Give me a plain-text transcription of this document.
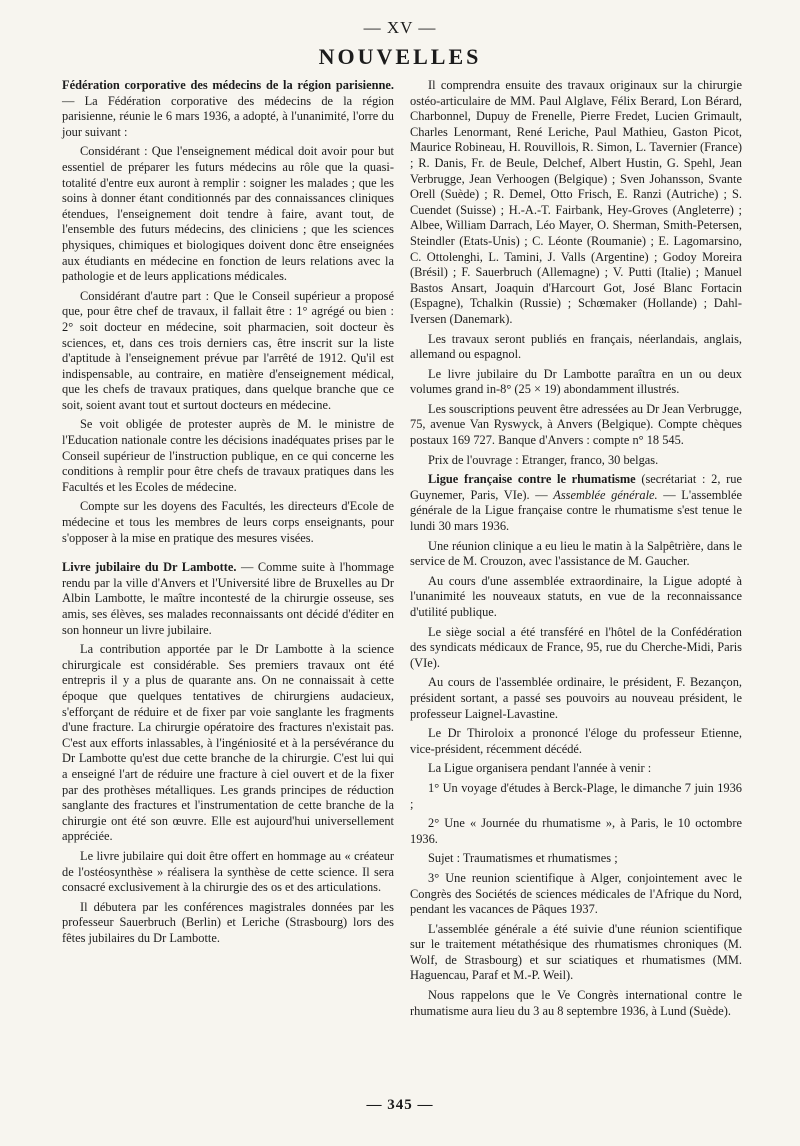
— XV —
NOUVELLES

Fédération corporative des médecins de la région parisienne. — La Fédération corporative des médecins de la région parisienne, réunie le 6 mars 1936, a adopté, à l'unanimité, l'orre du jour suivant :

Considérant : Que l'enseignement médical doit avoir pour but essentiel de préparer les futurs médecins au rôle que la quasi-totalité d'entre eux auront à remplir : soigner les malades ; que les soins à donner étant conditionnés par des connaissances cliniques étendues, l'enseignement doit tendre à faire, avant tout, de l'ensemble des futurs médecins, des cliniciens ; que les sciences physiques, chimiques et biologiques doivent donc être enseignées aux étudiants en médecine en fonction de leurs relations avec la pathologie et de leurs applications médicales.

Considérant d'autre part : Que le Conseil supérieur a proposé que, pour être chef de travaux, il fallait être : 1° agrégé ou bien : 2° soit docteur en médecine, soit pharmacien, soit docteur ès sciences, et, dans ces trois derniers cas, être inscrit sur la liste d'aptitude à l'enseignement prévue par l'arrêté de 1912. Qu'il est indispensable, au contraire, en matière d'enseignement médical, que les chefs de travaux pratiques, dans quelque branche que ce soit, soient avant tout et surtout docteurs en médecine.

Se voit obligée de protester auprès de M. le ministre de l'Education nationale contre les décisions inadéquates prises par le Conseil supérieur de l'instruction publique, en ce qui concerne les conditions à remplir pour être chefs de travaux pratiques dans les Facultés et les Ecoles de médecine.

Compte sur les doyens des Facultés, les directeurs d'Ecole de médecine et tous les membres de leurs corps enseignants, pour s'opposer à la mise en pratique des mesures visées.

Livre jubilaire du Dr Lambotte. — Comme suite à l'hommage rendu par la ville d'Anvers et l'Université libre de Bruxelles au Dr Albin Lambotte, le maître incontesté de la chirurgie osseuse, ses amis, ses élèves, ses malades reconnaissants ont décidé d'éditer en son honneur un livre jubilaire.

La contribution apportée par le Dr Lambotte à la science chirurgicale est considérable. Ses premiers travaux ont été entrepris il y a plus de quarante ans. On ne connaissait à cette époque que quelques tentatives de chirurgiens audacieux, s'efforçant de réduire et de fixer par voie sanglante les fragments d'une fracture. La chirurgie opératoire des fractures n'existait pas. C'est aux efforts inlassables, à l'ingéniosité et à la persévérance du Dr Lambotte qu'est due cette branche de la chirurgie. C'est lui qui a enseigné l'art de réduire une fracture à ciel ouvert et de la fixer par des prothèses métalliques. Les grands principes de réduction sanglante des fractures et l'instrumentation de cette branche de la chirurgie ont été son œuvre. Elle est aujourd'hui universellement appréciée.

Le livre jubilaire qui doit être offert en hommage au « créateur de l'ostéosynthèse » réalisera la synthèse de cette science. Il sera consacré exclusivement à la chirurgie des os et des articulations.

Il débutera par les conférences magistrales données par les professeur Sauerbruch (Berlin) et Leriche (Strasbourg) lors des fêtes jubilaires du Dr Lambotte.

Il comprendra ensuite des travaux originaux sur la chirurgie ostéo-articulaire de MM. Paul Alglave, Félix Berard, Lon Bérard, Charbonnel, Dupuy de Frenelle, Pierre Fredet, Lucien Grimault, Charles Lenormant, René Leriche, Paul Mathieu, Gaston Picot, Maurice Robineau, H. Rouvillois, R. Simon, L. Tavernier (France) ; R. Danis, Fr. de Beule, Delchef, Albert Hustin, G. Spehl, Jean Verbrugge, Jean Verhoogen (Belgique) ; Sven Johansson, Svante Orell (Suède) ; R. Demel, Otto Frisch, E. Ranzi (Autriche) ; S. Cuendet (Suisse) ; H.-A.-T. Fairbank, Hey-Groves (Angleterre) ; Albee, William Darrach, Léo Mayer, O. Sherman, Smith-Petersen, Steindler (Etats-Unis) ; C. Léonte (Roumanie) ; E. Lagomarsino, C. Ottolenghi, L. Tamini, J. Valls (Argentine) ; Godoy Moreira (Brésil) ; F. Sauerbruch (Allemagne) ; V. Putti (Italie) ; Manuel Bastos Ansart, Joaquin d'Harcourt Got, José Blanc Fortacin (Espagne), Tchalkin (Russie) ; Schœmaker (Hollande) ; Dahl-Iversen (Danemark).

Les travaux seront publiés en français, néerlandais, anglais, allemand ou espagnol.

Le livre jubilaire du Dr Lambotte paraîtra en un ou deux volumes grand in-8° (25 × 19) abondamment illustrés.

Les souscriptions peuvent être adressées au Dr Jean Verbrugge, 75, avenue Van Ryswyck, à Anvers (Belgique). Compte chèques postaux 169 727. Banque d'Anvers : compte n° 18 545.

Prix de l'ouvrage : Etranger, franco, 30 belgas.

Ligue française contre le rhumatisme (secrétariat : 2, rue Guynemer, Paris, VIe). — Assemblée générale. — L'assemblée générale de la Ligue française contre le rhumatisme s'est tenue le lundi 30 mars 1936.

Une réunion clinique a eu lieu le matin à la Salpêtrière, dans le service de M. Crouzon, avec l'assistance de M. Gaucher.

Au cours d'une assemblée extraordinaire, la Ligue adopté à l'unanimité les nouveaux statuts, en vue de la reconnaissance d'utilité publique.

Le siège social a été transféré en l'hôtel de la Confédération des syndicats médicaux de France, 95, rue du Cherche-Midi, Paris (VIe).

Au cours de l'assemblée ordinaire, le président, F. Bezançon, président sortant, a passé ses pouvoirs au nouveau président, le professeur Laignel-Lavastine.

Le Dr Thiroloix a prononcé l'éloge du professeur Etienne, vice-président, récemment décédé.

La Ligue organisera pendant l'année à venir :

1° Un voyage d'études à Berck-Plage, le dimanche 7 juin 1936 ;

2° Une « Journée du rhumatisme », à Paris, le 10 octombre 1936.

Sujet : Traumatismes et rhumatismes ;

3° Une reunion scientifique à Alger, conjointement avec le Congrès des Sociétés de sciences médicales de l'Afrique du Nord, pendant les vacances de Pâques 1937.

L'assemblée générale a été suivie d'une réunion scientifique sur le traitement métathésique des rhumatismes chroniques (M. Wolf, de Strasbourg) et sur sciatiques et rhumatismes (MM. Haguencau, Paraf et M.-P. Weil).

Nous rappelons que le Ve Congrès international contre le rhumatisme aura lieu du 3 au 8 septembre 1936, à Lund (Suède).

— 345 —
